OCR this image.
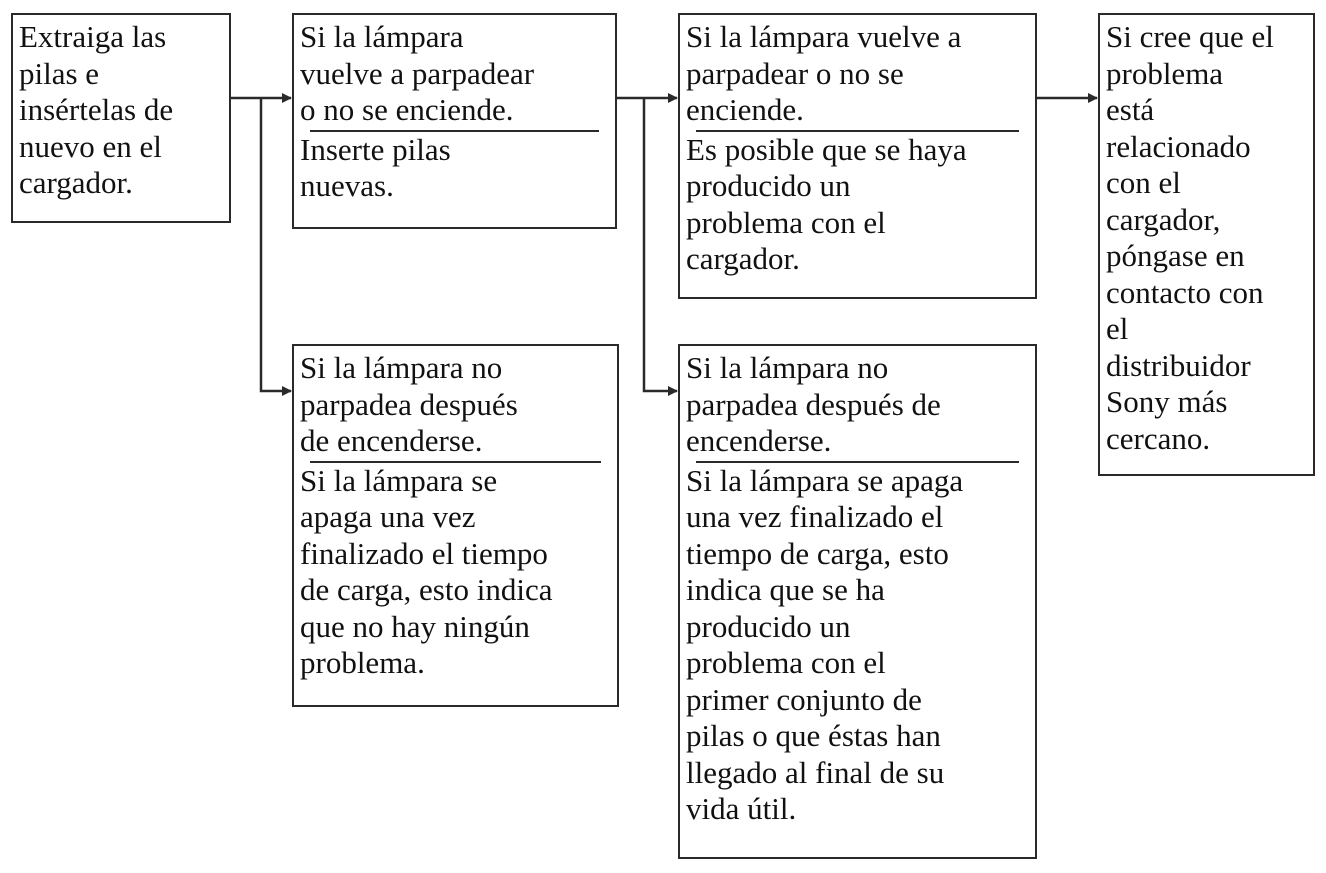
Extraiga las
pilas e
insértelas de
nuevo en el
cargador.
Si la lámpara
vuelve a parpadear
o no se enciende.
Inserte pilas
nuevas.
Si la lámpara vuelve a
parpadear o no se
enciende.
Es posible que se haya
producido un
problema con el
cargador.
Si cree que el
problema
está
relacionado
con el
cargador,
póngase en
contacto con
el
distribuidor
Sony más
cercano.
Si la lámpara no
parpadea después
de encenderse.
Si la lámpara se
apaga una vez
finalizado el tiempo
de carga, esto indica
que no hay ningún
problema.
Si la lámpara no
parpadea después de
encenderse.
Si la lámpara se apaga
una vez finalizado el
tiempo de carga, esto
indica que se ha
producido un
problema con el
primer conjunto de
pilas o que éstas han
llegado al final de su
vida útil.
